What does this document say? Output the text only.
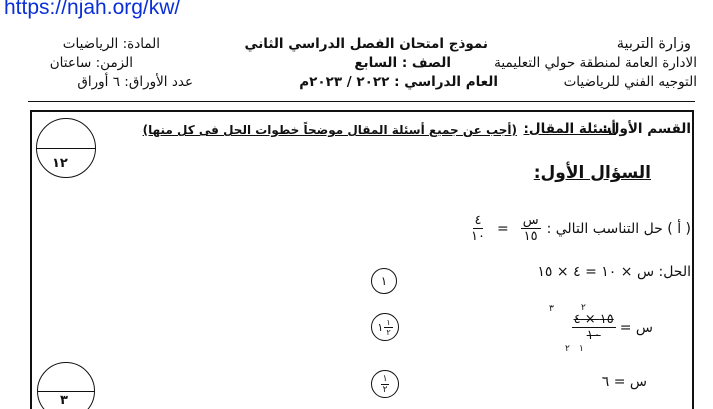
https://njah.org/kw/
وزارة التربية
الادارة العامة لمنطقة حولي التعليمية
التوجيه الفني للرياضيات
نموذج امتحان الفصل الدراسي الثاني
الصف : السابع
العام الدراسي : ٢٠٢٢ / ٢٠٢٣م
المادة: الرياضيات
الزمن: ساعتان
عدد الأوراق: ٦ أوراق
القسم الأول:
أسئلة المقال:
(أجب عن جميع أسئلة المقال موضحاً خطوات الحل فى كل منها)
١٢	السؤال الأول:
( أ ) حل التناسب التالي :
$\frac{\text{س}}{١٥}$
=
$\frac{٤}{١٠}$
الحل: س × ١٠ = ٤ × ١٥
١
س =
$\frac{١٥ \times ٤}{١٠}$
٢
٣
١
٢
١ $\frac{١}{٢}$
س = ٦
$\frac{١}{٢}$
٣
